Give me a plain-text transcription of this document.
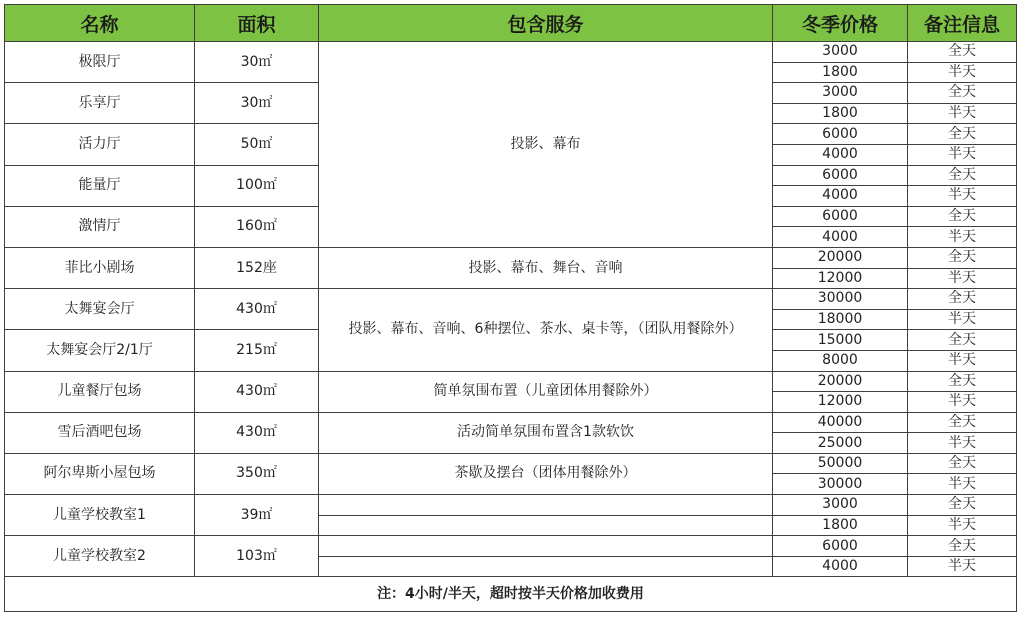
名称	面积	包含服务	冬季价格	备注信息
极限厅	30㎡	投影、幕布	3000	全天
			1800	半天
乐享厅	30㎡		3000	全天
			1800	半天
活力厅	50㎡		6000	全天
			4000	半天
能量厅	100㎡		6000	全天
			4000	半天
激情厅	160㎡		6000	全天
			4000	半天
菲比小剧场	152座	投影、幕布、舞台、音响	20000	全天
			12000	半天
太舞宴会厅	430㎡	投影、幕布、音响、6种摆位、茶水、桌卡等，（团队用餐除外）	30000	全天
			18000	半天
太舞宴会厅2/1厅	215㎡		15000	全天
			8000	半天
儿童餐厅包场	430㎡	简单氛围布置（儿童团体用餐除外）	20000	全天
			12000	半天
雪后酒吧包场	430㎡	活动简单氛围布置含1款软饮	40000	全天
			25000	半天
阿尔卑斯小屋包场	350㎡	茶歇及摆台（团体用餐除外）	50000	全天
			30000	半天
儿童学校教室1	39㎡		3000	全天
			1800	半天
儿童学校教室2	103㎡		6000	全天
			4000	半天
注：4小时/半天，超时按半天价格加收费用				
